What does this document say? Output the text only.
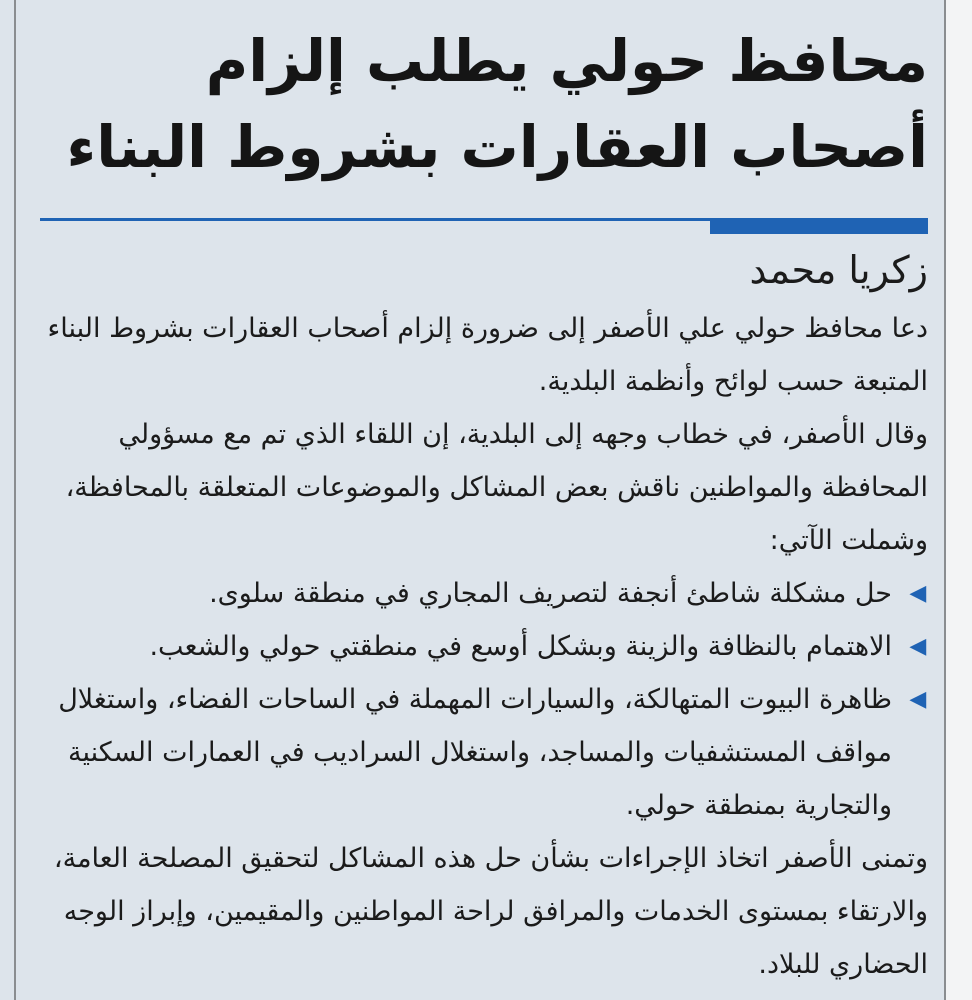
محافظ حولي يطلب إلزام
أصحاب العقارات بشروط البناء
زكريا محمد

دعا محافظ حولي علي الأصفر إلى ضرورة إلزام أصحاب العقارات بشروط البناء المتبعة حسب لوائح وأنظمة البلدية.

وقال الأصفر، في خطاب وجهه إلى البلدية، إن اللقاء الذي تم مع مسؤولي المحافظة والمواطنين ناقش بعض المشاكل والموضوعات المتعلقة بالمحافظة، وشملت الآتي:

◀
حل مشكلة شاطئ أنجفة لتصريف المجاري في منطقة سلوى.
◀
الاهتمام بالنظافة والزينة وبشكل أوسع في منطقتي حولي والشعب.
◀
ظاهرة البيوت المتهالكة، والسيارات المهملة في الساحات الفضاء، واستغلال مواقف المستشفيات والمساجد، واستغلال السراديب في العمارات السكنية والتجارية بمنطقة حولي.

وتمنى الأصفر اتخاذ الإجراءات بشأن حل هذه المشاكل لتحقيق المصلحة العامة، والارتقاء بمستوى الخدمات والمرافق لراحة المواطنين والمقيمين، وإبراز الوجه الحضاري للبلاد.
